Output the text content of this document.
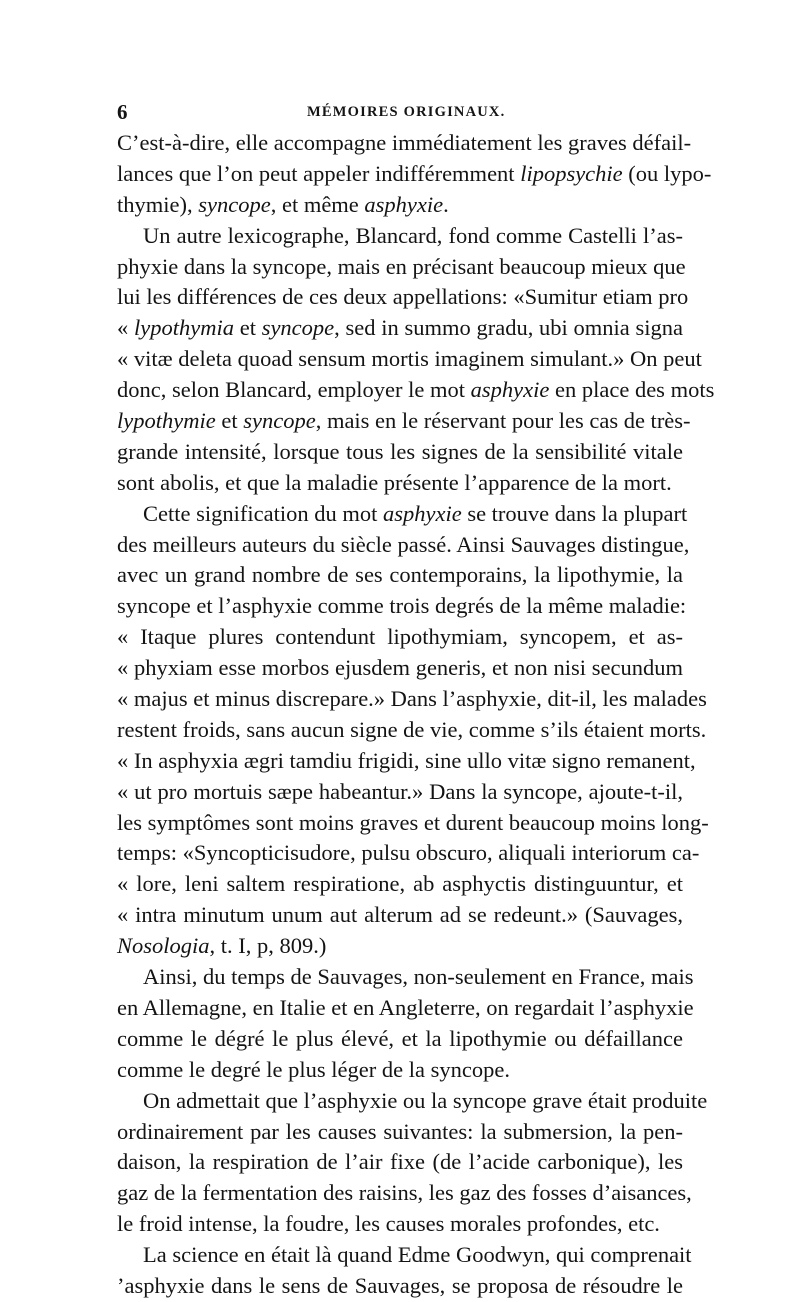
6	MÉMOIRES ORIGINAUX.
C’est-à-dire, elle accompagne immédiatement les graves défail-
lances que l’on peut appeler indifféremment lipopsychie (ou lypo-
thymie), syncope, et même asphyxie.
Un autre lexicographe, Blancard, fond comme Castelli l’as-
phyxie dans la syncope, mais en précisant beaucoup mieux que
lui les différences de ces deux appellations: «Sumitur etiam pro
« lypothymia et syncope, sed in summo gradu, ubi omnia signa
« vitæ deleta quoad sensum mortis imaginem simulant.» On peut
donc, selon Blancard, employer le mot asphyxie en place des mots
lypothymie et syncope, mais en le réservant pour les cas de très-
grande intensité, lorsque tous les signes de la sensibilité vitale
sont abolis, et que la maladie présente l’apparence de la mort.
Cette signification du mot asphyxie se trouve dans la plupart
des meilleurs auteurs du siècle passé. Ainsi Sauvages distingue,
avec un grand nombre de ses contemporains, la lipothymie, la
syncope et l’asphyxie comme trois degrés de la même maladie:
« Itaque plures contendunt lipothymiam, syncopem, et as-
« phyxiam esse morbos ejusdem generis, et non nisi secundum
« majus et minus discrepare.» Dans l’asphyxie, dit-il, les malades
restent froids, sans aucun signe de vie, comme s’ils étaient morts.
« In asphyxia ægri tamdiu frigidi, sine ullo vitæ signo remanent,
« ut pro mortuis sæpe habeantur.» Dans la syncope, ajoute-t-il,
les symptômes sont moins graves et durent beaucoup moins long-
temps: «Syncopticisudore, pulsu obscuro, aliquali interiorum ca-
« lore, leni saltem respiratione, ab asphyctis distinguuntur, et
« intra minutum unum aut alterum ad se redeunt.» (Sauvages,
Nosologia, t. I, p, 809.)
Ainsi, du temps de Sauvages, non-seulement en France, mais
en Allemagne, en Italie et en Angleterre, on regardait l’asphyxie
comme le dégré le plus élevé, et la lipothymie ou défaillance
comme le degré le plus léger de la syncope.
On admettait que l’asphyxie ou la syncope grave était produite
ordinairement par les causes suivantes: la submersion, la pen-
daison, la respiration de l’air fixe (de l’acide carbonique), les
gaz de la fermentation des raisins, les gaz des fosses d’aisances,
le froid intense, la foudre, les causes morales profondes, etc.
La science en était là quand Edme Goodwyn, qui comprenait
’asphyxie dans le sens de Sauvages, se proposa de résoudre le
